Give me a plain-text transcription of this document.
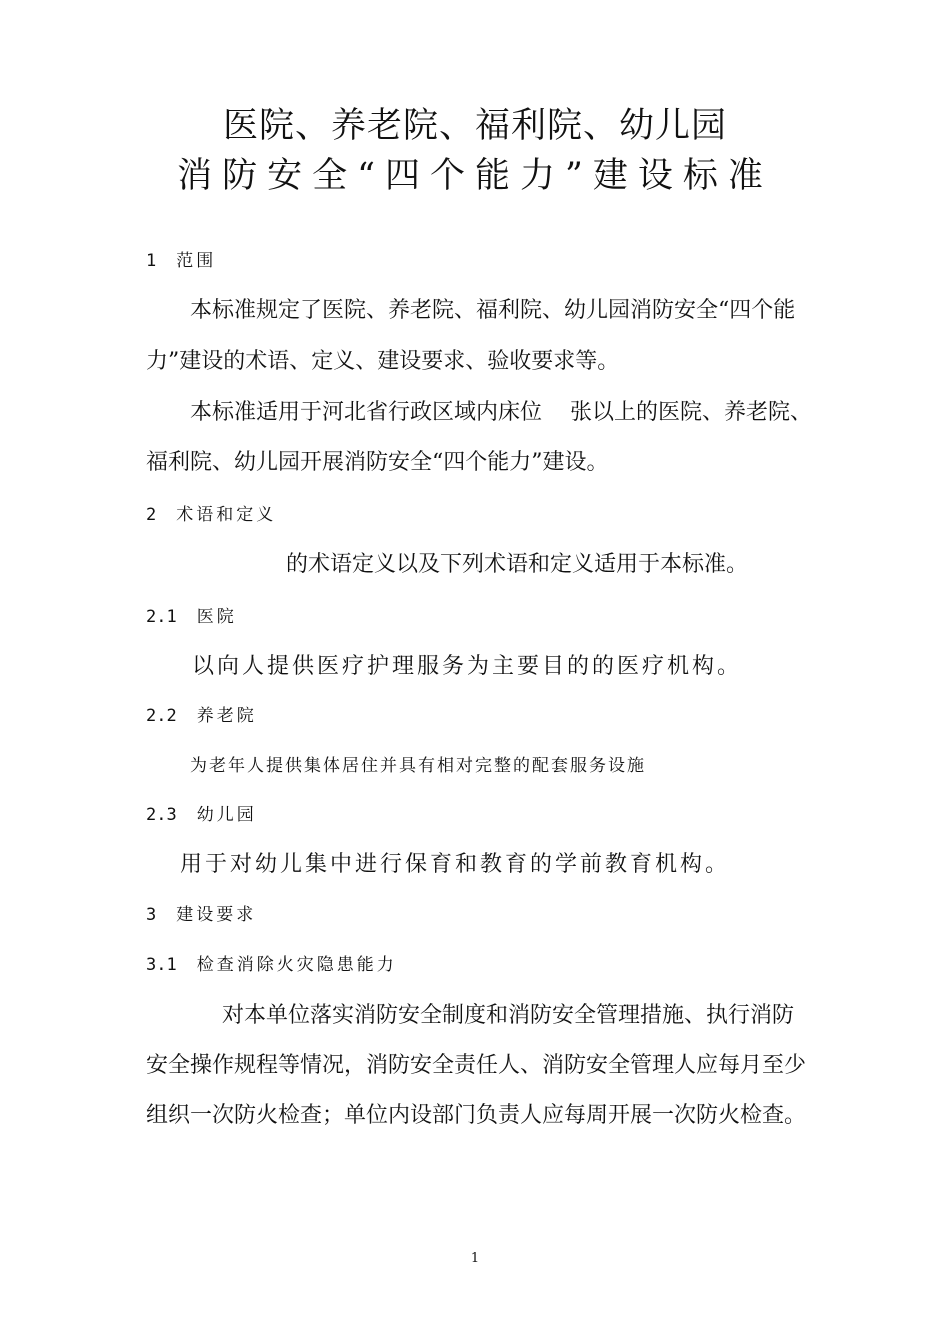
医院、养老院、福利院、幼儿园
消防安全“四个能力”建设标准
1 范围
本标准规定了医院、养老院、福利院、幼儿园消防安全“四个能
力”建设的术语、定义、建设要求、验收要求等。
本标准适用于河北省行政区域内床位 张以上的医院、养老院、
福利院、幼儿园开展消防安全“四个能力”建设。
2 术语和定义
的术语定义以及下列术语和定义适用于本标准。
2.1 医院
以向人提供医疗护理服务为主要目的的医疗机构。
2.2 养老院
为老年人提供集体居住并具有相对完整的配套服务设施
2.3 幼儿园
用于对幼儿集中进行保育和教育的学前教育机构。
3 建设要求
3.1 检查消除火灾隐患能力
对本单位落实消防安全制度和消防安全管理措施、执行消防
安全操作规程等情况，消防安全责任人、消防安全管理人应每月至少
组织一次防火检查；单位内设部门负责人应每周开展一次防火检查。
1
